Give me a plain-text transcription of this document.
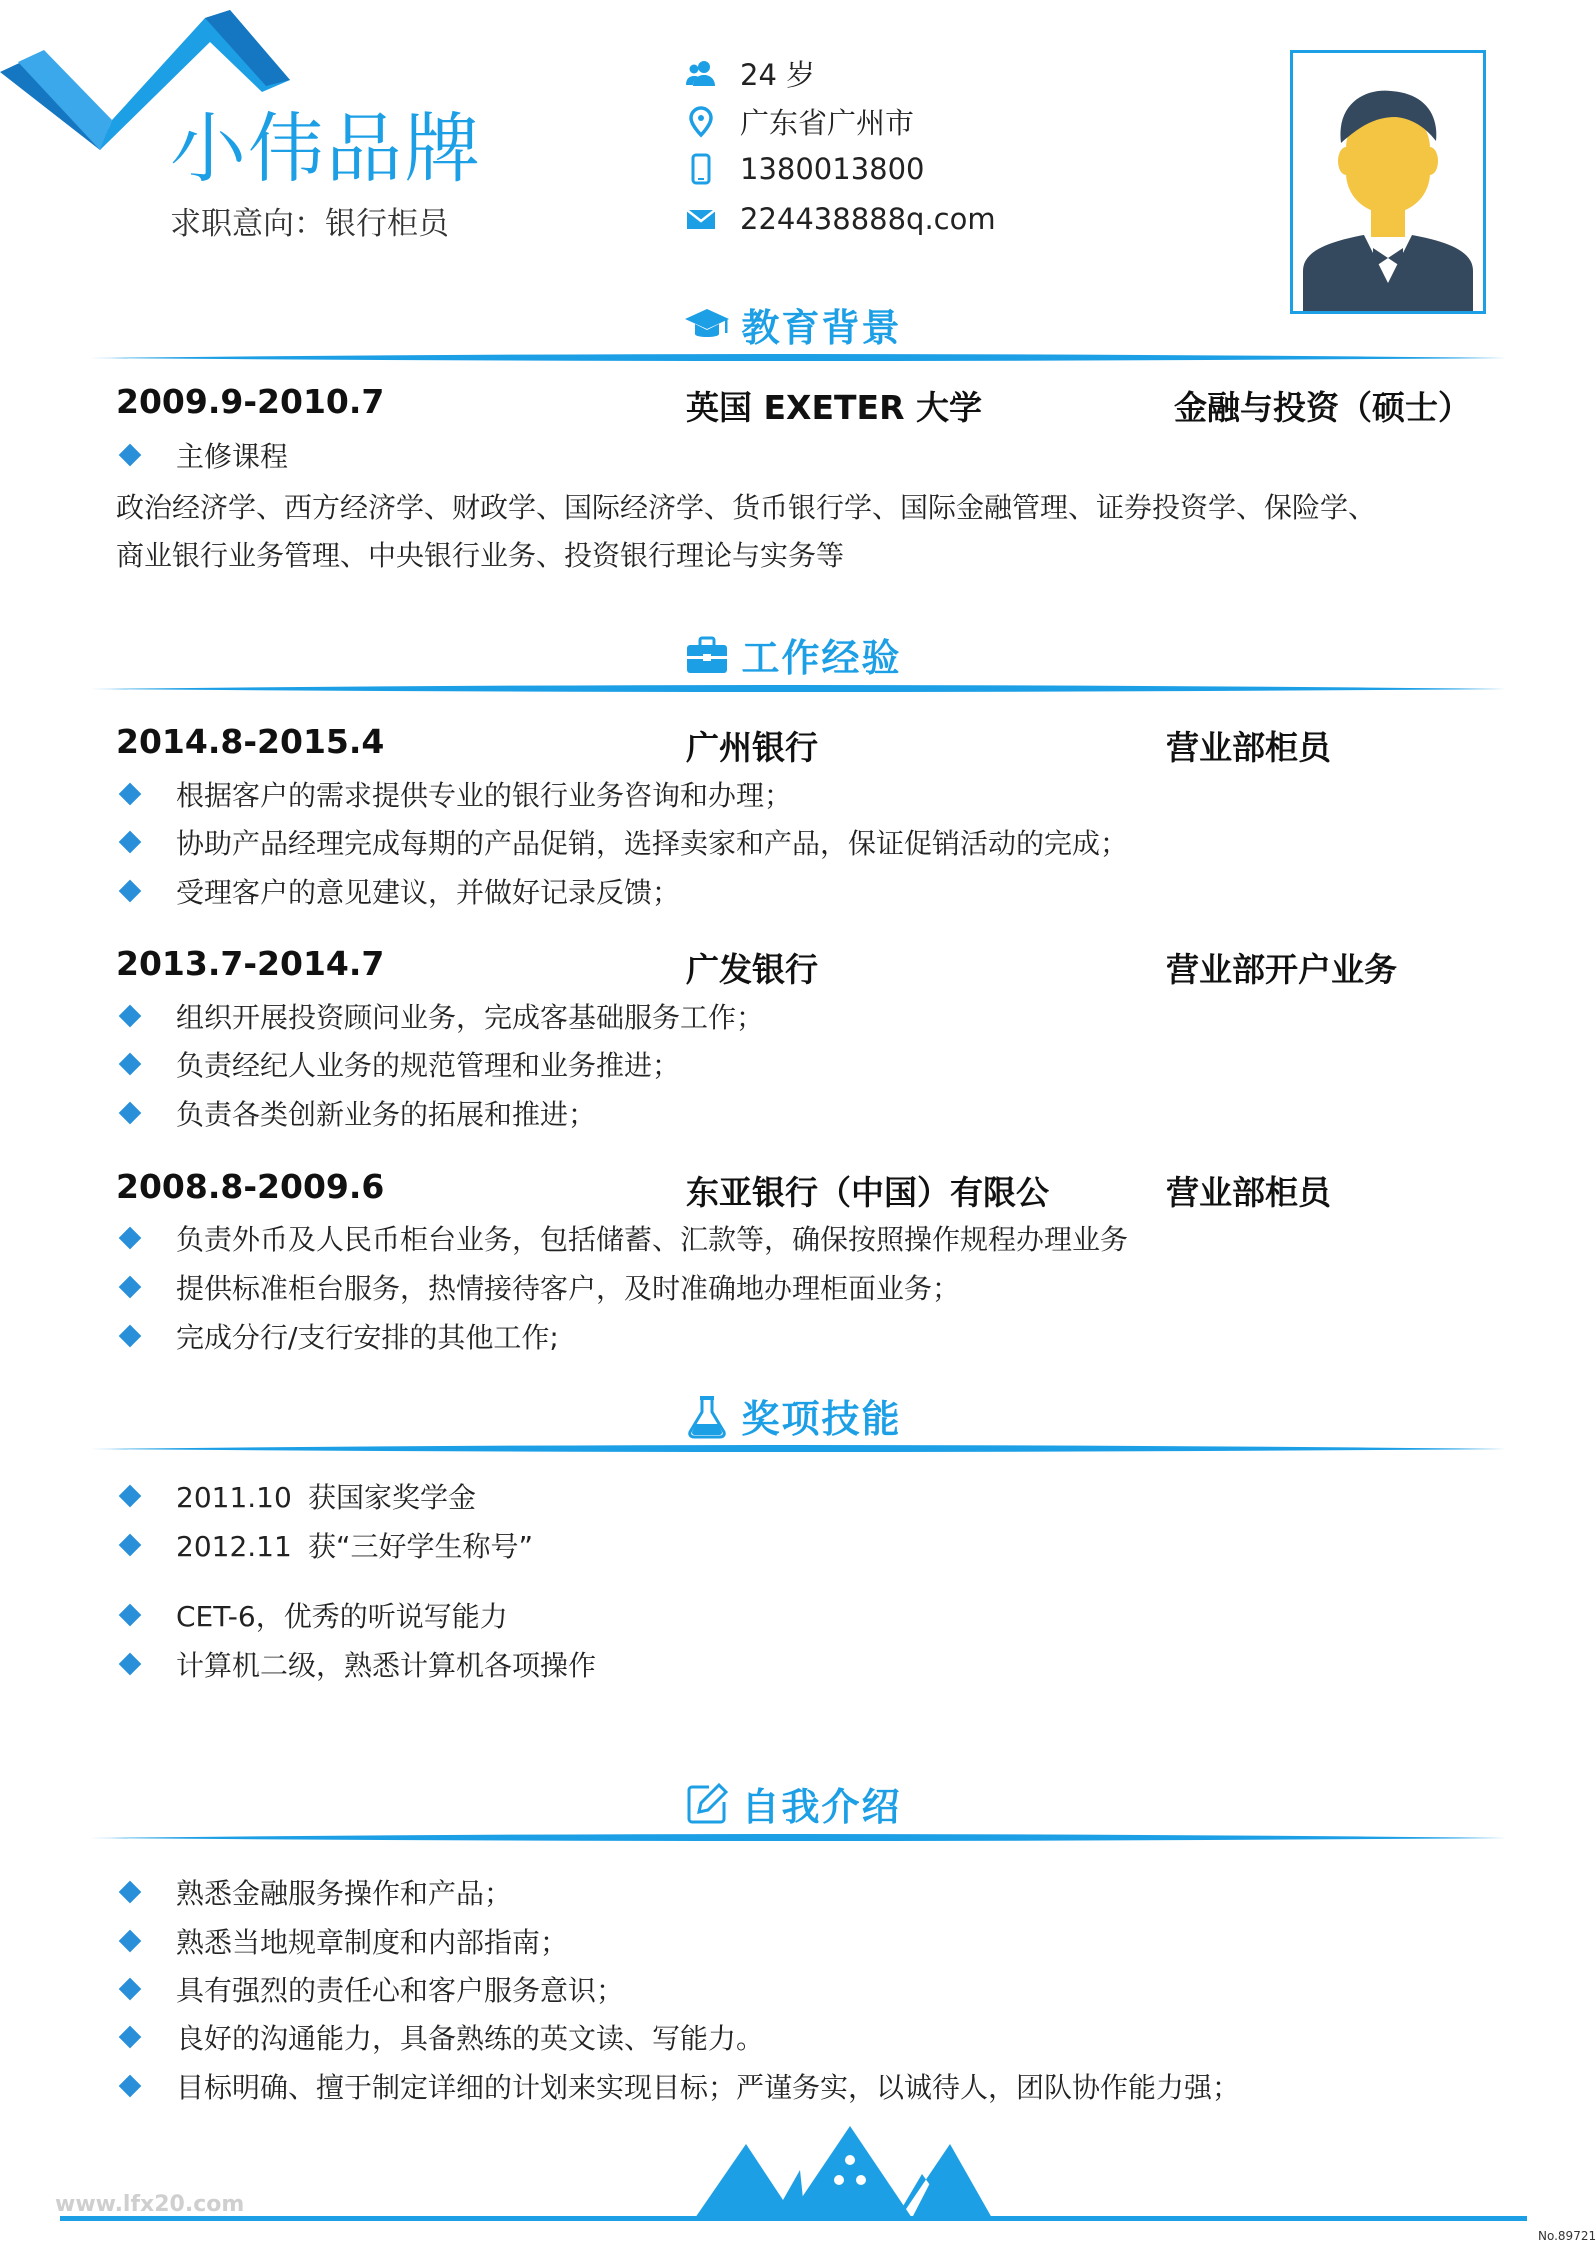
小伟品牌
求职意向：银行柜员
24 岁
广东省广州市
1380013800
224438888q.com
教育背景
2009.9-2010.7	英国 EXETER 大学	金融与投资（硕士）
主修课程
政治经济学、西方经济学、财政学、国际经济学、货币银行学、国际金融管理、证券投资学、保险学、
商业银行业务管理、中央银行业务、投资银行理论与实务等
工作经验
2014.8-2015.4	广州银行	营业部柜员
根据客户的需求提供专业的银行业务咨询和办理；
协助产品经理完成每期的产品促销，选择卖家和产品，保证促销活动的完成；
受理客户的意见建议，并做好记录反馈；
2013.7-2014.7	广发银行	营业部开户业务
组织开展投资顾问业务，完成客基础服务工作；
负责经纪人业务的规范管理和业务推进；
负责各类创新业务的拓展和推进；
2008.8-2009.6	东亚银行（中国）有限公	营业部柜员
负责外币及人民币柜台业务，包括储蓄、汇款等，确保按照操作规程办理业务
提供标准柜台服务，热情接待客户，及时准确地办理柜面业务；
完成分行/支行安排的其他工作;
奖项技能
2011.10 获国家奖学金
2012.11 获“三好学生称号”
CET-6，优秀的听说写能力
计算机二级，熟悉计算机各项操作
自我介绍
熟悉金融服务操作和产品；
熟悉当地规章制度和内部指南；
具有强烈的责任心和客户服务意识；
良好的沟通能力，具备熟练的英文读、写能力。
目标明确、擅于制定详细的计划来实现目标；严谨务实，以诚待人，团队协作能力强；
www.lfx20.com
No.89721
